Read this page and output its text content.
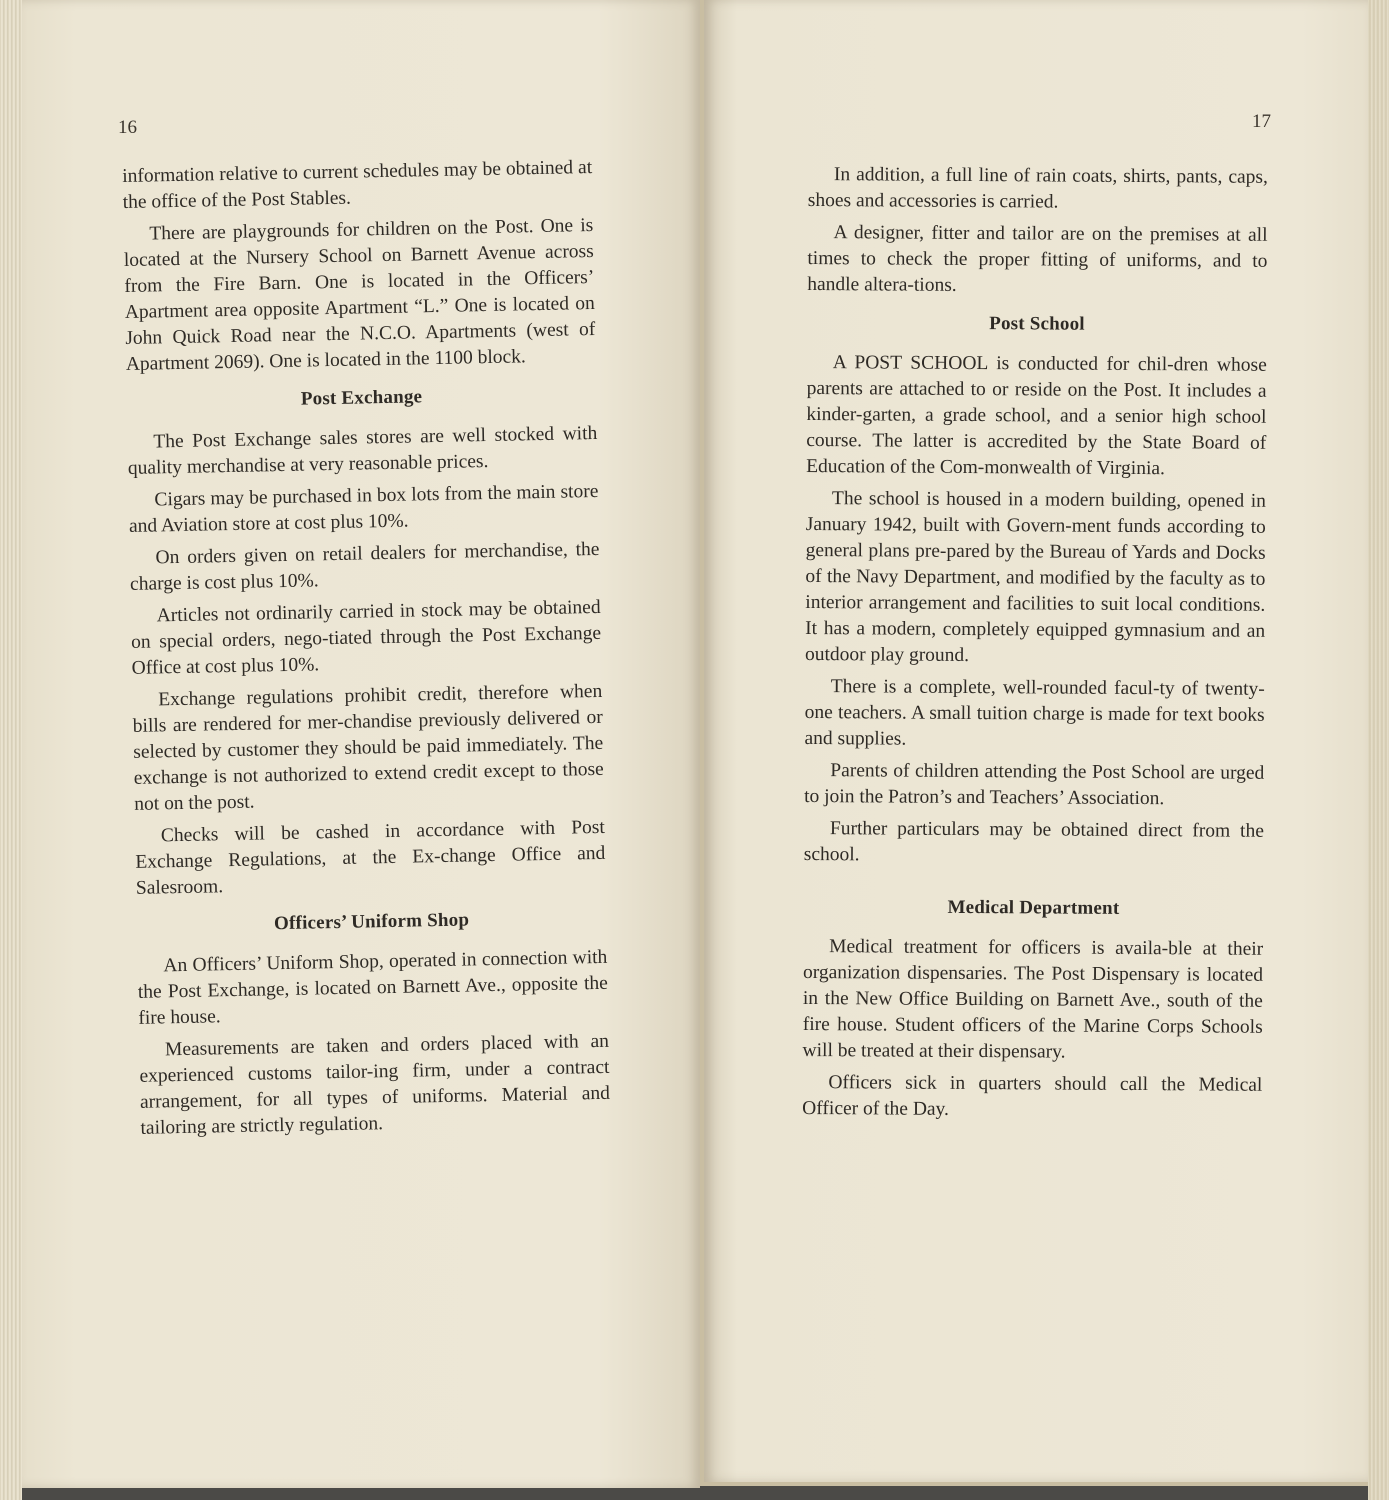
16

information relative to current schedules may be obtained at the office of the Post Stables.

There are playgrounds for children on the Post. One is located at the Nursery School on Barnett Avenue across from the Fire Barn. One is located in the Officers’ Apartment area opposite Apartment “L.” One is located on John Quick Road near the N.C.O. Apartments (west of Apartment 2069). One is located in the 1100 block.

Post Exchange

The Post Exchange sales stores are well stocked with quality merchandise at very reasonable prices.

Cigars may be purchased in box lots from the main store and Aviation store at cost plus 10%.

On orders given on retail dealers for merchandise, the charge is cost plus 10%.

Articles not ordinarily carried in stock may be obtained on special orders, nego-tiated through the Post Exchange Office at cost plus 10%.

Exchange regulations prohibit credit, therefore when bills are rendered for mer-chandise previously delivered or selected by customer they should be paid immediately. The exchange is not authorized to extend credit except to those not on the post.

Checks will be cashed in accordance with Post Exchange Regulations, at the Ex-change Office and Salesroom.

Officers’ Uniform Shop

An Officers’ Uniform Shop, operated in connection with the Post Exchange, is located on Barnett Ave., opposite the fire house.

Measurements are taken and orders placed with an experienced customs tailor-ing firm, under a contract arrangement, for all types of uniforms. Material and tailoring are strictly regulation.

17

In addition, a full line of rain coats, shirts, pants, caps, shoes and accessories is carried.

A designer, fitter and tailor are on the premises at all times to check the proper fitting of uniforms, and to handle altera-tions.

Post School

A POST SCHOOL is conducted for chil-dren whose parents are attached to or reside on the Post. It includes a kinder-garten, a grade school, and a senior high school course. The latter is accredited by the State Board of Education of the Com-monwealth of Virginia.

The school is housed in a modern building, opened in January 1942, built with Govern-ment funds according to general plans pre-pared by the Bureau of Yards and Docks of the Navy Department, and modified by the faculty as to interior arrangement and facilities to suit local conditions. It has a modern, completely equipped gymnasium and an outdoor play ground.

There is a complete, well-rounded facul-ty of twenty-one teachers. A small tuition charge is made for text books and supplies.

Parents of children attending the Post School are urged to join the Patron’s and Teachers’ Association.

Further particulars may be obtained direct from the school.

Medical Department

Medical treatment for officers is availa-ble at their organization dispensaries. The Post Dispensary is located in the New Office Building on Barnett Ave., south of the fire house. Student officers of the Marine Corps Schools will be treated at their dispensary.

Officers sick in quarters should call the Medical Officer of the Day.
